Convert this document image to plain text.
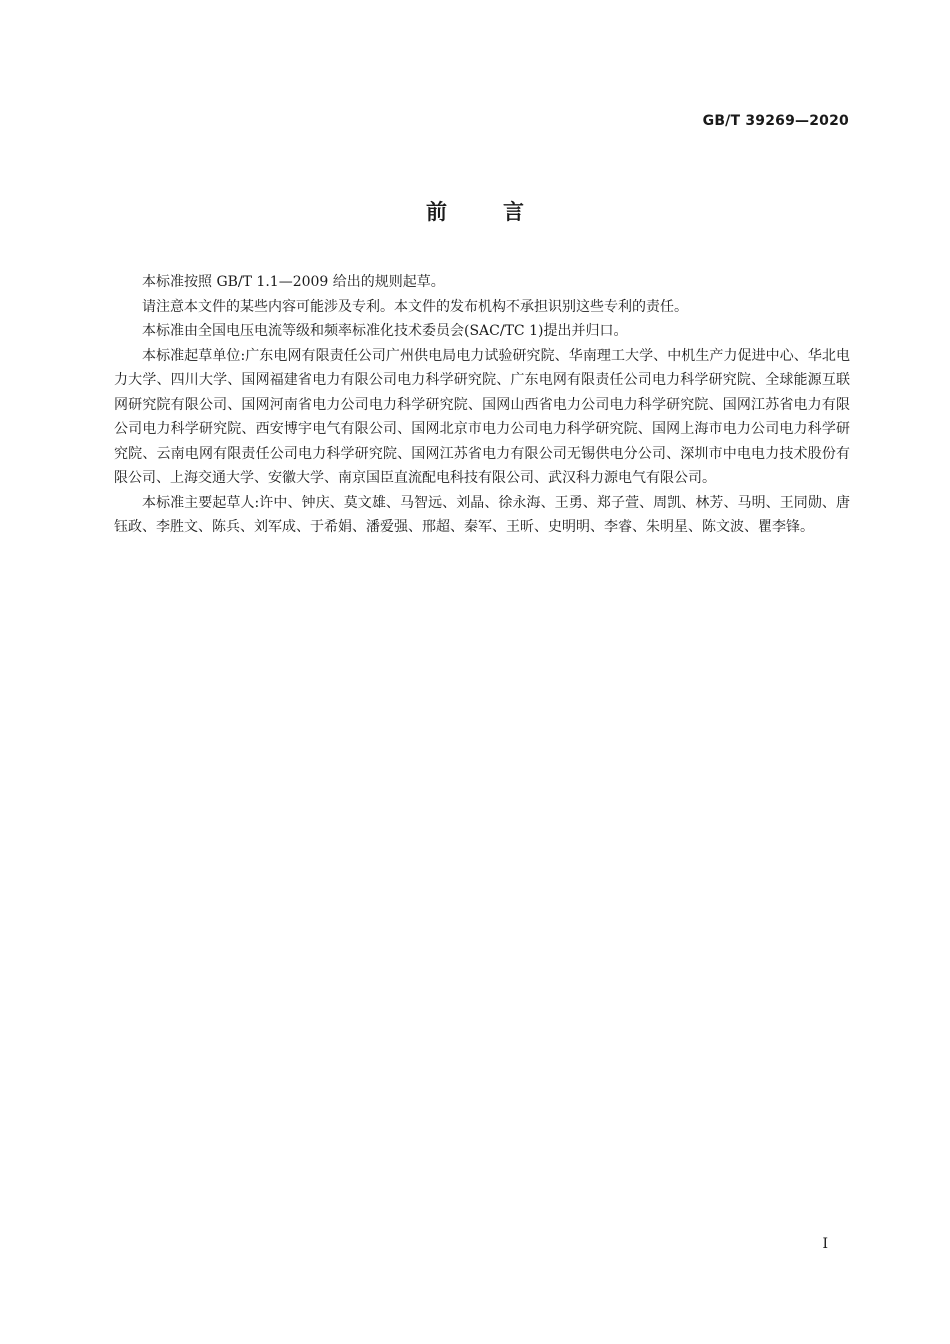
GB/T 39269—2020
前言

本标准按照 GB/T 1.1—2009 给出的规则起草。

请注意本文件的某些内容可能涉及专利。本文件的发布机构不承担识别这些专利的责任。

本标准由全国电压电流等级和频率标准化技术委员会(SAC/TC 1)提出并归口。

本标准起草单位:广东电网有限责任公司广州供电局电力试验研究院、华南理工大学、中机生产力促进中心、华北电力大学、四川大学、国网福建省电力有限公司电力科学研究院、广东电网有限责任公司电力科学研究院、全球能源互联网研究院有限公司、国网河南省电力公司电力科学研究院、国网山西省电力公司电力科学研究院、国网江苏省电力有限公司电力科学研究院、西安博宇电气有限公司、国网北京市电力公司电力科学研究院、国网上海市电力公司电力科学研究院、云南电网有限责任公司电力科学研究院、国网江苏省电力有限公司无锡供电分公司、深圳市中电电力技术股份有限公司、上海交通大学、安徽大学、南京国臣直流配电科技有限公司、武汉科力源电气有限公司。

本标准主要起草人:许中、钟庆、莫文雄、马智远、刘晶、徐永海、王勇、郑子萱、周凯、林芳、马明、王同勋、唐钰政、李胜文、陈兵、刘军成、于希娟、潘爱强、邢超、秦军、王昕、史明明、李睿、朱明星、陈文波、瞿李锋。

I
